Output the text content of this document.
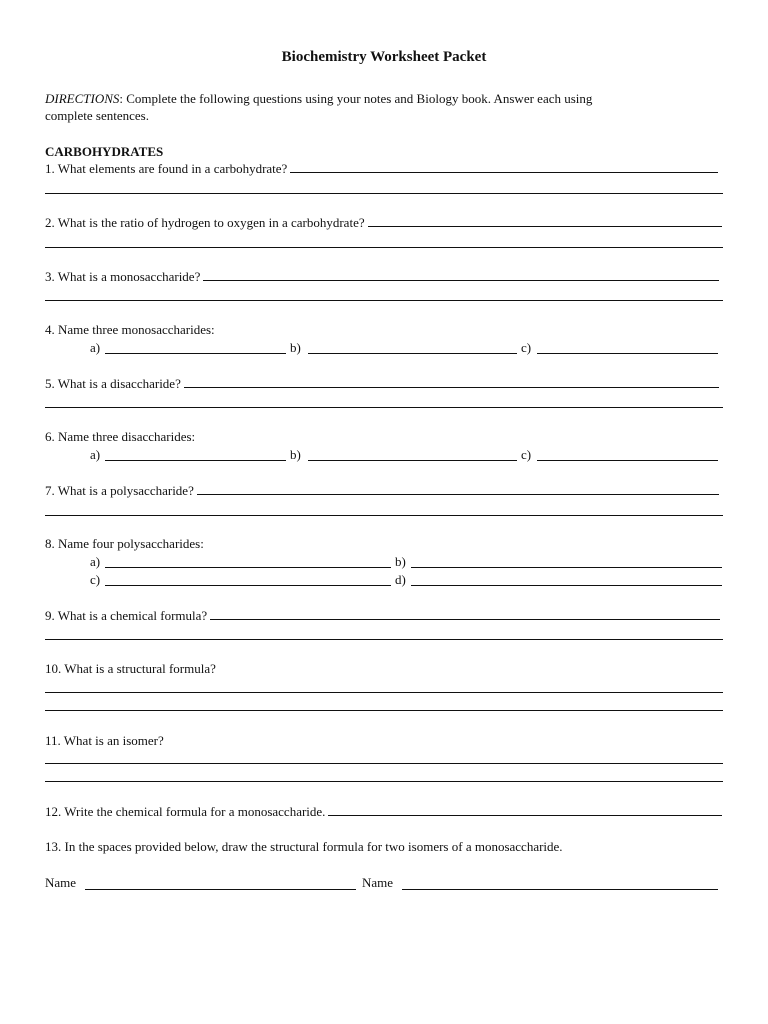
Biochemistry Worksheet Packet
DIRECTIONS: Complete the following questions using your notes and Biology book. Answer each using
complete sentences.
CARBOHYDRATES
1. What elements are found in a carbohydrate?
2. What is the ratio of hydrogen to oxygen in a carbohydrate?
3. What is a monosaccharide?
4. Name three monosaccharides:
a)	b)	c)
5. What is a disaccharide?
6. Name three disaccharides:
a)	b)	c)
7. What is a polysaccharide?
8. Name four polysaccharides:
a)	b)
c)	d)
9. What is a chemical formula?
10. What is a structural formula?
11. What is an isomer?
12. Write the chemical formula for a monosaccharide.
13. In the spaces provided below, draw the structural formula for two isomers of a monosaccharide.
Name	Name
